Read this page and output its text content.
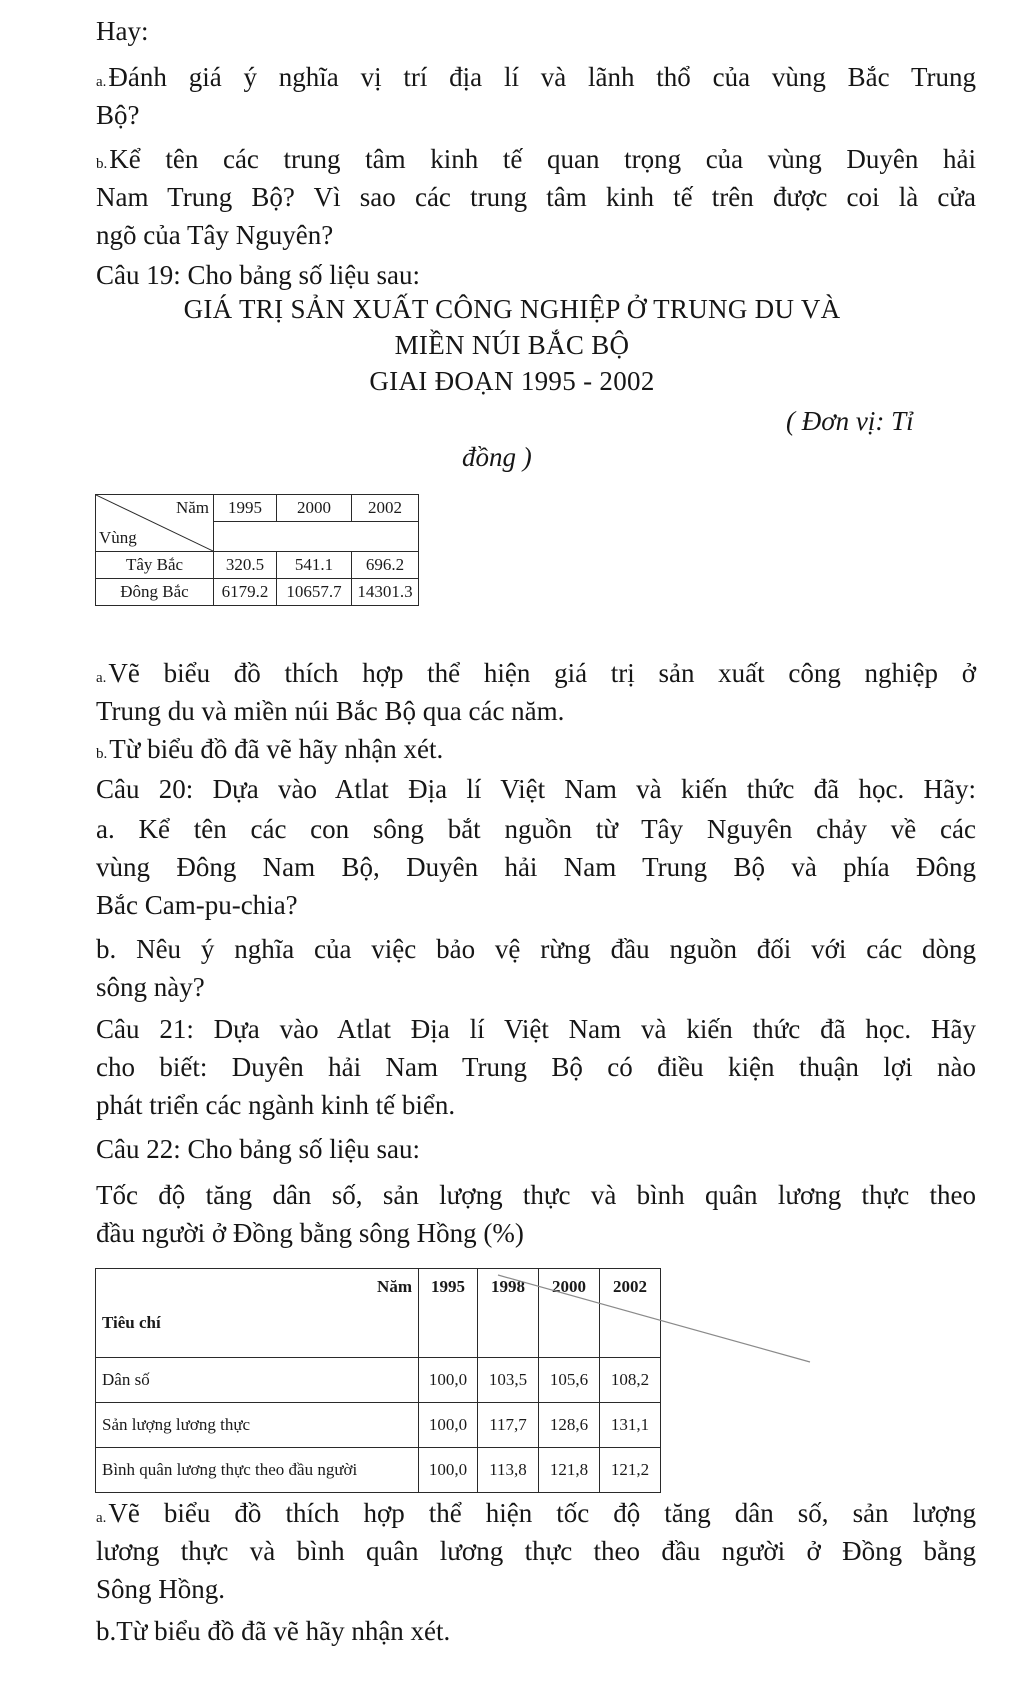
Hay:
a.Đánh giá ý nghĩa vị trí địa lí và lãnh thổ của vùng Bắc Trung
Bộ?
b.Kể tên các trung tâm kinh tế quan trọng của vùng Duyên hải
Nam Trung Bộ? Vì sao các trung tâm kinh tế trên được coi là cửa
ngõ của Tây Nguyên?
Câu 19: Cho bảng số liệu sau:
GIÁ TRỊ SẢN XUẤT CÔNG NGHIỆP Ở TRUNG DU VÀ
MIỀN NÚI BẮC BỘ
GIAI ĐOẠN 1995 - 2002
( Đơn vị: Tỉ
đồng )
Năm
Vùng	1995	2000	2002

Tây Bắc	320.5	541.1	696.2
Đông Bắc	6179.2	10657.7	14301.3
a.Vẽ biểu đồ thích hợp thể hiện giá trị sản xuất công nghiệp ở
Trung du và miền núi Bắc Bộ qua các năm.
b.Từ biểu đồ đã vẽ hãy nhận xét.
Câu 20: Dựa vào Atlat Địa lí Việt Nam và kiến thức đã học. Hãy:
a. Kể tên các con sông bắt nguồn từ Tây Nguyên chảy về các
vùng Đông Nam Bộ, Duyên hải Nam Trung Bộ và phía Đông
Bắc Cam-pu-chia?
b. Nêu ý nghĩa của việc bảo vệ rừng đầu nguồn đối với các dòng
sông này?
Câu 21: Dựa vào Atlat Địa lí Việt Nam và kiến thức đã học. Hãy
cho biết: Duyên hải Nam Trung Bộ có điều kiện thuận lợi nào
phát triển các ngành kinh tế biển.
Câu 22: Cho bảng số liệu sau:
Tốc độ tăng dân số, sản lượng thực và bình quân lương thực theo
đầu người ở Đồng bằng sông Hồng (%)
Năm
Tiêu chí	1995	1998	2000	2002
Dân số	100,0	103,5	105,6	108,2
Sản lượng lương thực	100,0	117,7	128,6	131,1
Bình quân lương thực theo đầu người	100,0	113,8	121,8	121,2
a.Vẽ biểu đồ thích hợp thể hiện tốc độ tăng dân số, sản lượng
lương thực và bình quân lương thực theo đầu người ở Đồng bằng
Sông Hồng.
b.Từ biểu đồ đã vẽ hãy nhận xét.
